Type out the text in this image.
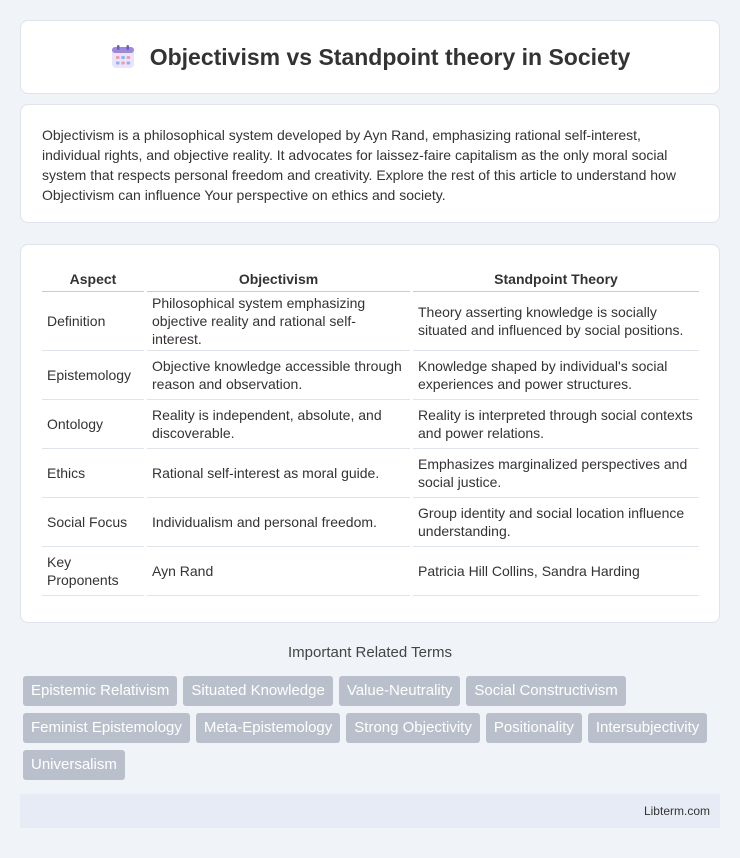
Objectivism vs Standpoint theory in Society

Objectivism is a philosophical system developed by Ayn Rand, emphasizing rational self-interest, individual rights, and objective reality. It advocates for laissez-faire capitalism as the only moral social system that respects personal freedom and creativity. Explore the rest of this article to understand how Objectivism can influence Your perspective on ethics and society.

Aspect	Objectivism	Standpoint Theory
Definition	Philosophical system emphasizing objective reality and rational self-interest.	Theory asserting knowledge is socially situated and influenced by social positions.
Epistemology	Objective knowledge accessible through reason and observation.	Knowledge shaped by individual's social experiences and power structures.
Ontology	Reality is independent, absolute, and discoverable.	Reality is interpreted through social contexts and power relations.
Ethics	Rational self-interest as moral guide.	Emphasizes marginalized perspectives and social justice.
Social Focus	Individualism and personal freedom.	Group identity and social location influence understanding.
Key Proponents	Ayn Rand	Patricia Hill Collins, Sandra Harding
Important Related Terms
Epistemic Relativism	Situated Knowledge	Value-Neutrality	Social Constructivism
Feminist Epistemology	Meta-Epistemology	Strong Objectivity	Positionality	Intersubjectivity
Universalism
Libterm.com
